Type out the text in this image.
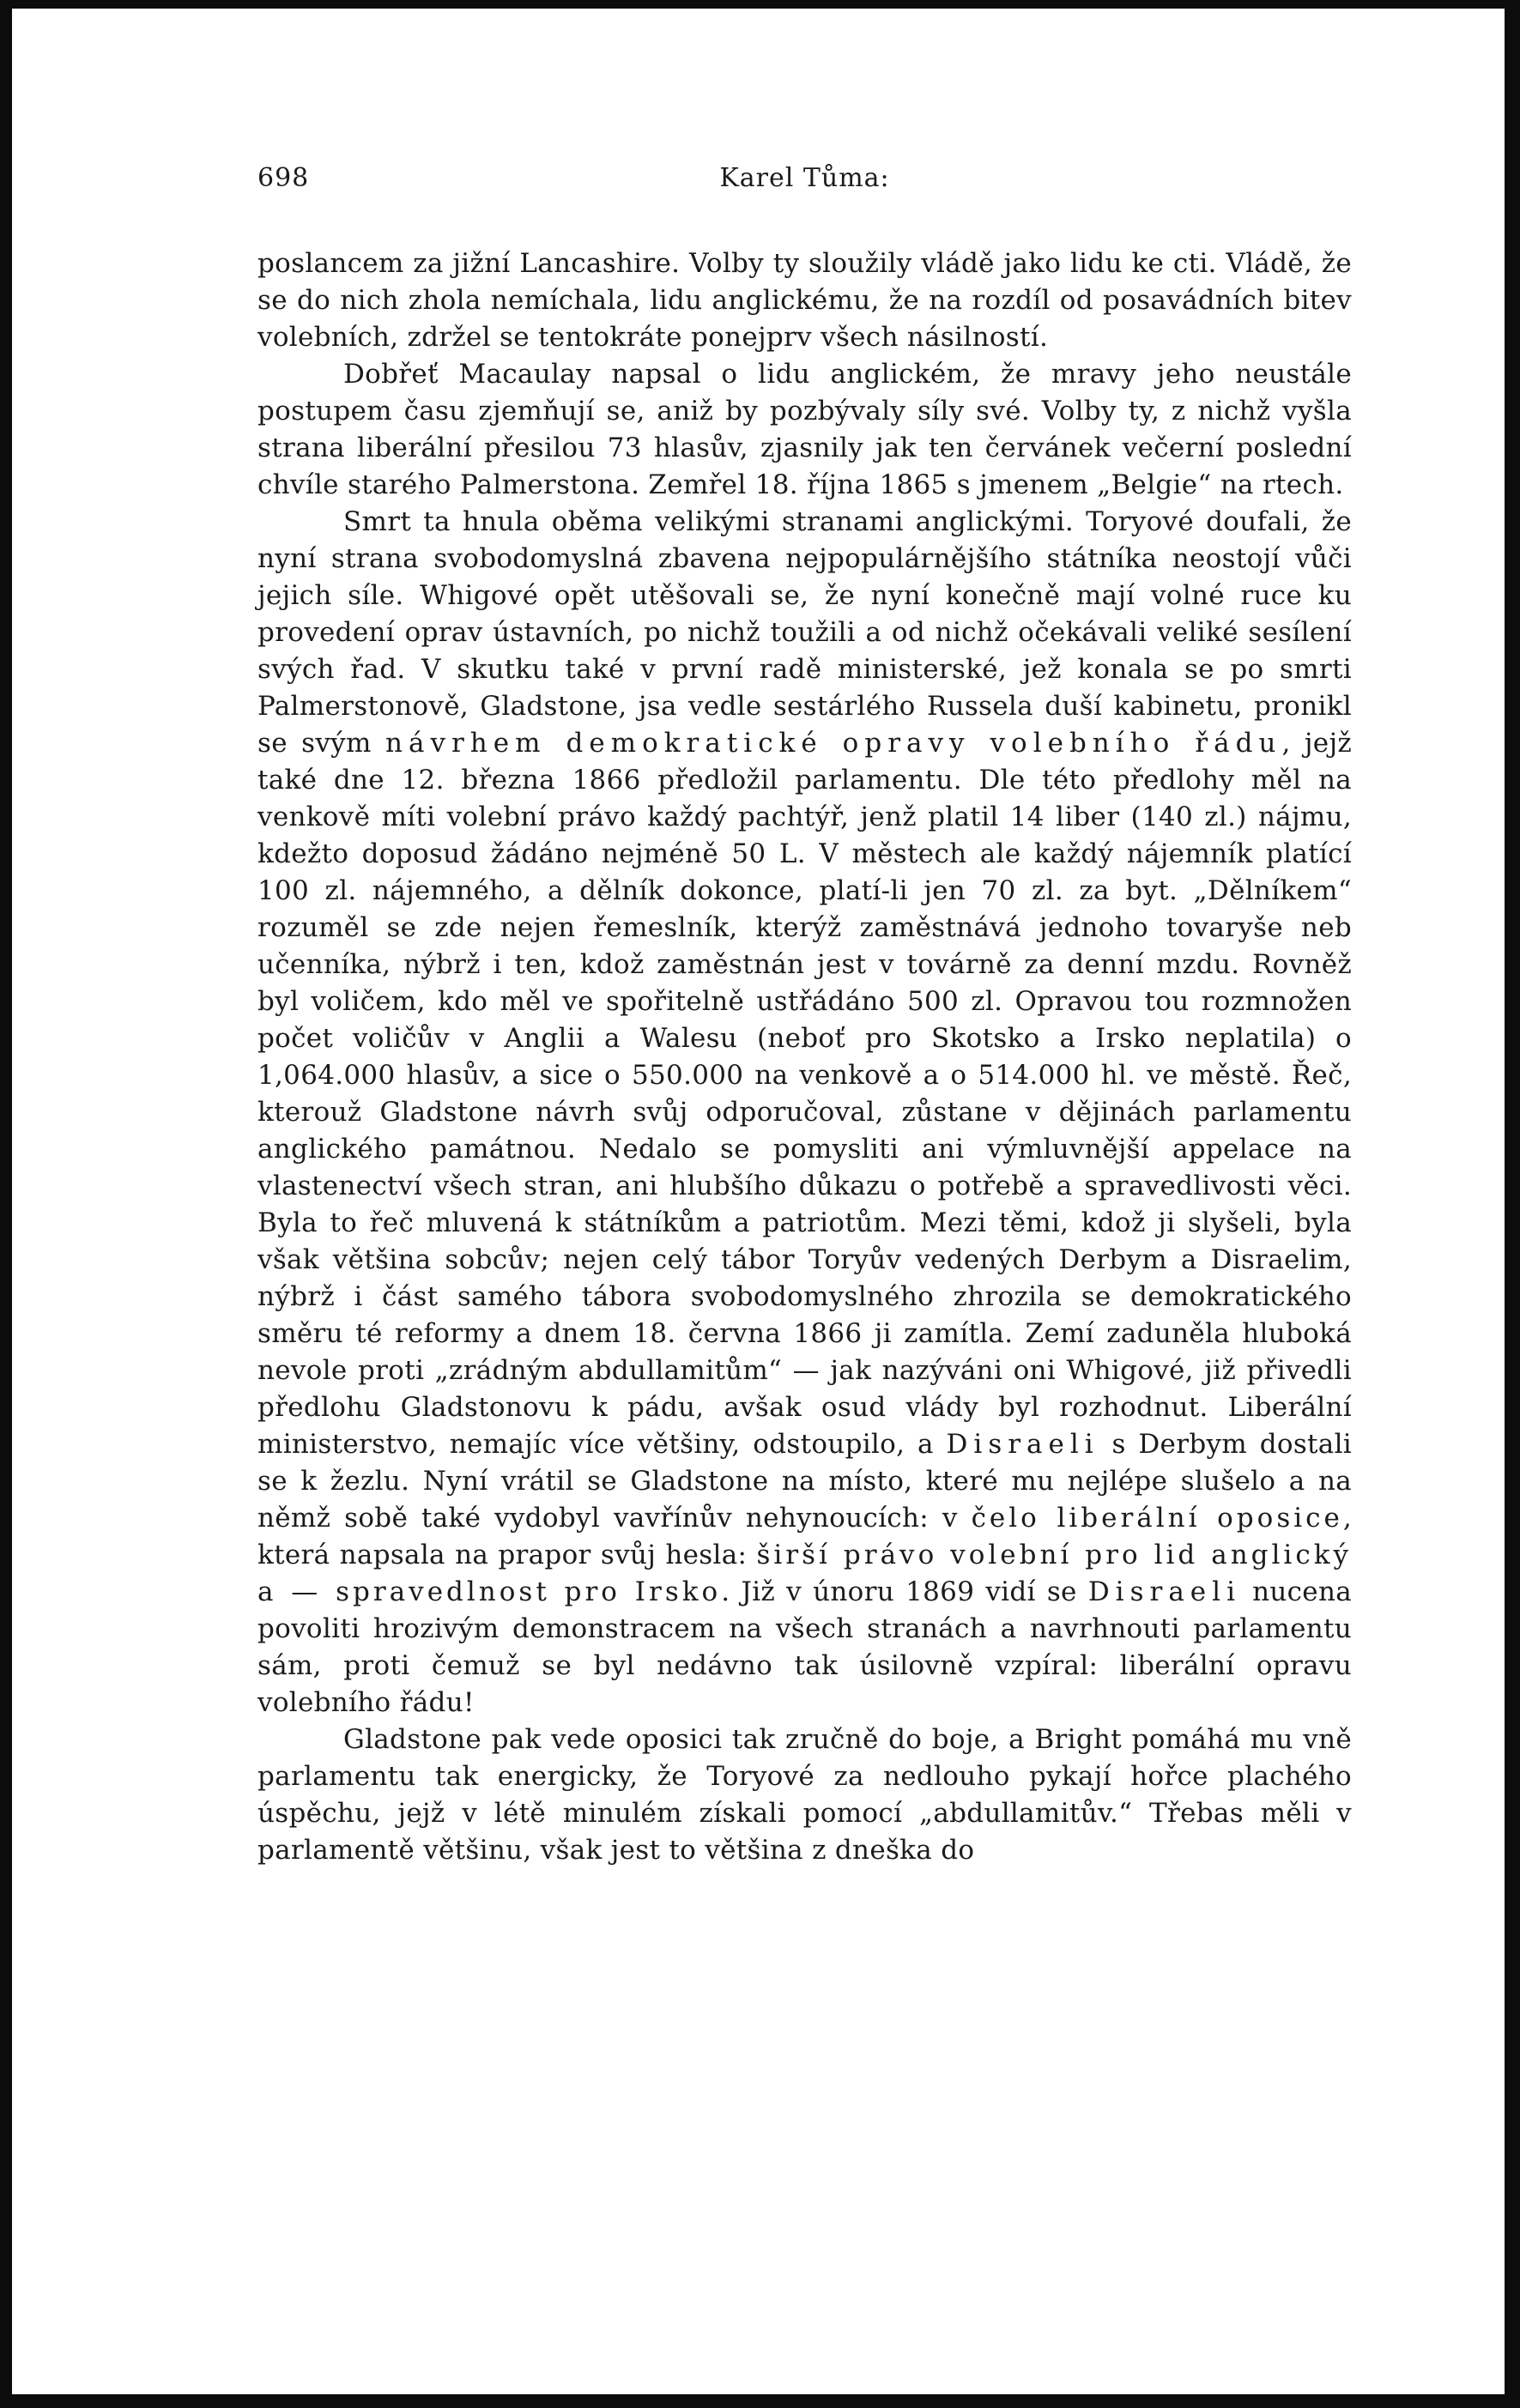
698	Karel Tůma:

poslancem za jižní Lancashire. Volby ty sloužily vládě jako lidu ke cti. Vládě, že se do nich zhola nemíchala, lidu anglickému, že na rozdíl od posavádních bitev volebních, zdržel se tentokráte ponejprv všech násilností.

Dobřeť Macaulay napsal o lidu anglickém, že mravy jeho neustále postupem času zjemňují se, aniž by pozbývaly síly své. Volby ty, z nichž vyšla strana liberální přesilou 73 hlasův, zjasnily jak ten červánek večerní poslední chvíle starého Palmerstona. Zemřel 18. října 1865 s jmenem „Belgie“ na rtech.

Smrt ta hnula oběma velikými stranami anglickými. Toryové doufali, že nyní strana svobodomyslná zbavena nejpopulárnějšího státníka neostojí vůči jejich síle. Whigové opět utěšovali se, že nyní konečně mají volné ruce ku provedení oprav ústavních, po nichž toužili a od nichž očekávali veliké sesílení svých řad. V skutku také v první radě ministerské, jež konala se po smrti Palmerstonově, Gladstone, jsa vedle sestárlého Russela duší kabinetu, pronikl se svým návrhem demokratické opravy volebního řádu, jejž také dne 12. března 1866 předložil parlamentu. Dle této předlohy měl na venkově míti volební právo každý pachtýř, jenž platil 14 liber (140 zl.) nájmu, kdežto doposud žádáno nejméně 50 L. V městech ale každý nájemník platící 100 zl. nájemného, a dělník dokonce, platí-li jen 70 zl. za byt. „Dělníkem“ rozuměl se zde nejen řemeslník, kterýž zaměstnává jednoho tovaryše neb učenníka, nýbrž i ten, kdož zaměstnán jest v továrně za denní mzdu. Rovněž byl voličem, kdo měl ve spořitelně ustřádáno 500 zl. Opravou tou rozmnožen počet voličův v Anglii a Walesu (neboť pro Skotsko a Irsko neplatila) o 1,064.000 hlasův, a sice o 550.000 na venkově a o 514.000 hl. ve městě. Řeč, kterouž Gladstone návrh svůj odporučoval, zůstane v dějinách parlamentu anglického památnou. Nedalo se pomysliti ani výmluvnější appelace na vlastenectví všech stran, ani hlubšího důkazu o potřebě a spravedlivosti věci. Byla to řeč mluvená k státníkům a patriotům. Mezi těmi, kdož ji slyšeli, byla však většina sobcův; nejen celý tábor Toryův vedených Derbym a Disraelim, nýbrž i část samého tábora svobodomyslného zhrozila se demokratického směru té reformy a dnem 18. června 1866 ji zamítla. Zemí zaduněla hluboká nevole proti „zrádným abdullamitům“ — jak nazýváni oni Whigové, již přivedli předlohu Gladstonovu k pádu, avšak osud vlády byl rozhodnut. Liberální ministerstvo, nemajíc více většiny, odstoupilo, a Disraeli s Derbym dostali se k žezlu. Nyní vrátil se Gladstone na místo, které mu nejlépe slušelo a na němž sobě také vydobyl vavřínův nehynoucích: v čelo liberální oposice, která napsala na prapor svůj hesla: širší právo volební pro lid anglický a — spravedlnost pro Irsko. Již v únoru 1869 vidí se Disraeli nucena povoliti hrozivým demonstracem na všech stranách a navrhnouti parlamentu sám, proti čemuž se byl nedávno tak úsilovně vzpíral: liberální opravu volebního řádu!

Gladstone pak vede oposici tak zručně do boje, a Bright pomáhá mu vně parlamentu tak energicky, že Toryové za nedlouho pykají hořce plachého úspěchu, jejž v létě minulém získali pomocí „abdullamitův.“ Třebas měli v parlamentě většinu, však jest to většina z dneška do
